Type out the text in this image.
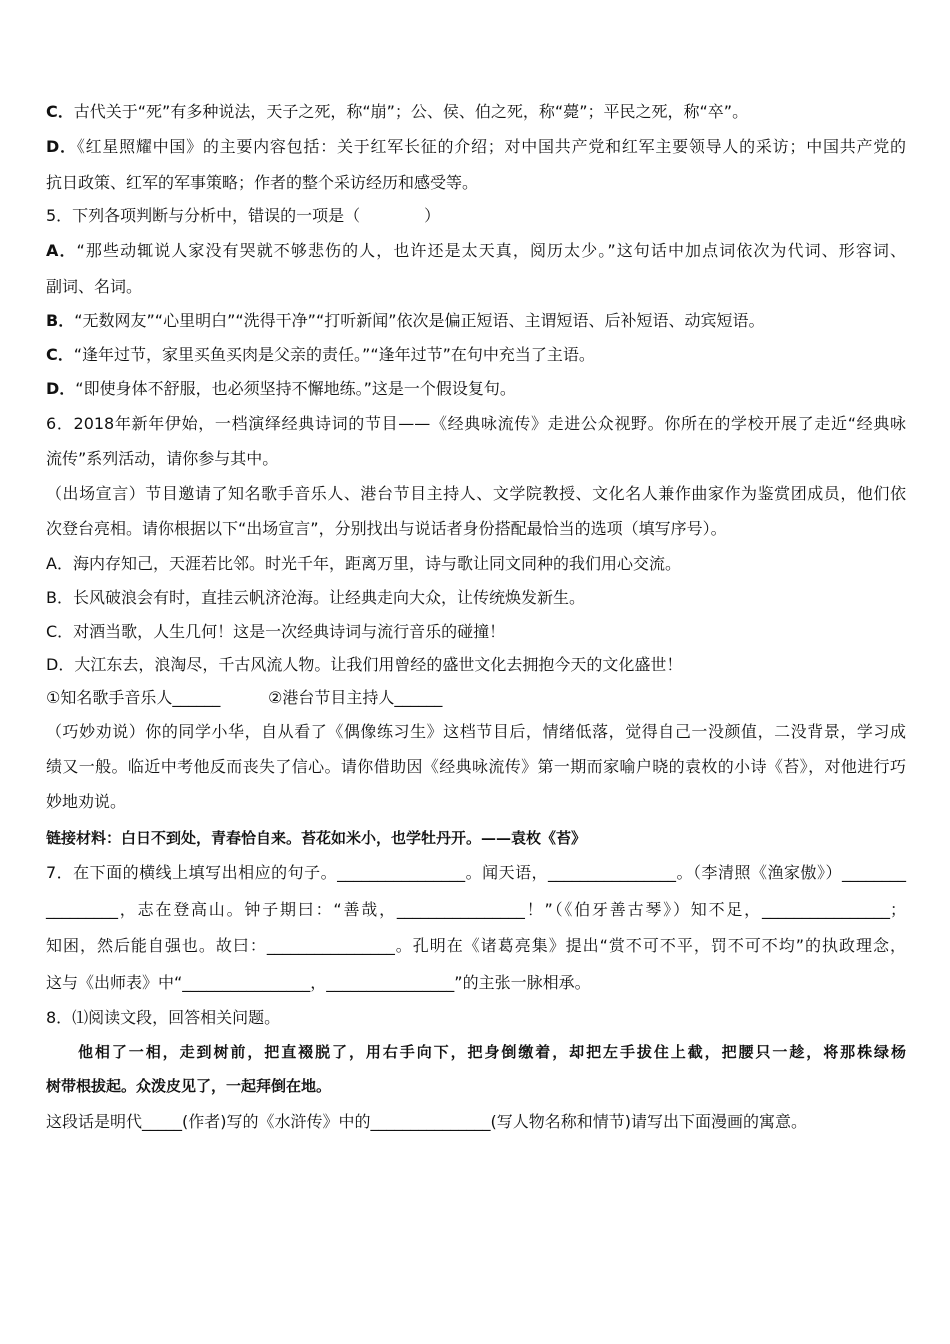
C．古代关于“死”有多种说法，天子之死，称“崩”；公、侯、伯之死，称“薨”；平民之死，称“卒”。
D．《红星照耀中国》的主要内容包括：关于红军长征的介绍；对中国共产党和红军主要领导人的采访；中国共产党的
抗日政策、红军的军事策略；作者的整个采访经历和感受等。
5．下列各项判断与分析中，错误的一项是（　　　　）
A．“那些动辄说人家没有哭就不够悲伤的人，也许还是太天真，阅历太少。”这句话中加点词依次为代词、形容词、
副词、名词。
B．“无数网友”“心里明白”“洗得干净”“打听新闻”依次是偏正短语、主谓短语、后补短语、动宾短语。
C．“逢年过节，家里买鱼买肉是父亲的责任。”“逢年过节”在句中充当了主语。
D．“即使身体不舒服，也必须坚持不懈地练。”这是一个假设复句。
6．2018年新年伊始，一档演绎经典诗词的节目——《经典咏流传》走进公众视野。你所在的学校开展了走近“经典咏
流传”系列活动，请你参与其中。
（出场宣言）节目邀请了知名歌手音乐人、港台节目主持人、文学院教授、文化名人兼作曲家作为鉴赏团成员，他们依
次登台亮相。请你根据以下“出场宣言”，分别找出与说话者身份搭配最恰当的选项（填写序号）。
A．海内存知己，天涯若比邻。时光千年，距离万里，诗与歌让同文同种的我们用心交流。
B．长风破浪会有时，直挂云帆济沧海。让经典走向大众，让传统焕发新生。
C．对酒当歌，人生几何！这是一次经典诗词与流行音乐的碰撞！
D．大江东去，浪淘尽，千古风流人物。让我们用曾经的盛世文化去拥抱今天的文化盛世！
①知名歌手音乐人______	②港台节目主持人______
（巧妙劝说）你的同学小华，自从看了《偶像练习生》这档节目后，情绪低落，觉得自己一没颜值，二没背景，学习成
绩又一般。临近中考他反而丧失了信心。请你借助因《经典咏流传》第一期而家喻户晓的袁枚的小诗《苔》，对他进行巧
妙地劝说。
链接材料：白日不到处，青春恰自来。苔花如米小，也学牡丹开。——袁枚《苔》
7．在下面的横线上填写出相应的句子。________________。闻天语，________________。（李清照《渔家傲》）________
_________，志在登高山。钟子期曰：“善哉，________________！”（《伯牙善古琴》）知不足，________________；
知困，然后能自强也。故曰：________________。孔明在《诸葛亮集》提出“赏不可不平，罚不可不均”的执政理念，
这与《出师表》中“________________，________________”的主张一脉相承。
8．⑴阅读文段，回答相关问题。
他相了一相，走到树前，把直裰脱了，用右手向下，把身倒缴着，却把左手拔住上截，把腰只一趁，将那株绿杨
树带根拔起。众泼皮见了，一起拜倒在地。
这段话是明代_____(作者)写的《水浒传》中的_______________(写人物名称和情节)请写出下面漫画的寓意。
